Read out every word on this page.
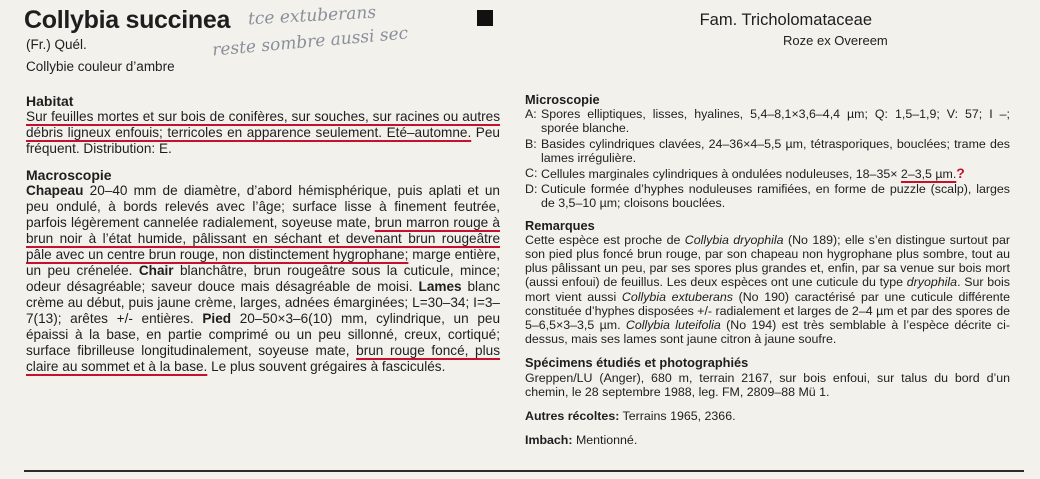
Collybia succinea
(Fr.) Quél.
Collybie couleur d’ambre
Fam. Tricholomataceae
Roze ex Overeem
tce extuberans
reste sombre aussi sec
Habitat

Sur feuilles mortes et sur bois de conifères, sur souches, sur racines ou autres débris ligneux enfouis; terricoles en apparence seulement. Eté–automne. Peu fréquent. Distribution: E.

Macroscopie

Chapeau 20–40 mm de diamètre, d’abord hémisphérique, puis aplati et un peu ondulé, à bords relevés avec l’âge; surface lisse à finement feutrée, parfois légèrement cannelée radialement, soyeuse mate, brun marron rouge à brun noir à l’état humide, pâlissant en séchant et devenant brun rougeâtre pâle avec un centre brun rouge, non distinctement hygrophane; marge entière, un peu crénelée. Chair blanchâtre, brun rougeâtre sous la cuticule, mince; odeur désagréable; saveur douce mais désagréable de moisi. Lames blanc crème au début, puis jaune crème, larges, adnées émarginées; L=30–34; I=3–7(13); arêtes +/- entières. Pied 20–50×3–6(10) mm, cylindrique, un peu épaissi à la base, en partie comprimé ou un peu sillonné, creux, cortiqué; surface fibrilleuse longitudinalement, soyeuse mate, brun rouge foncé, plus claire au sommet et à la base. Le plus souvent grégaires à fasciculés.

Microscopie
A: Spores elliptiques, lisses, hyalines, 5,4–8,1×3,6–4,4 µm; Q: 1,5–1,9; V: 57; I –; sporée blanche.
B: Basides cylindriques clavées, 24–36×4–5,5 µm, tétrasporiques, bouclées; trame des lames irrégulière.
C: Cellules marginales cylindriques à ondulées noduleuses, 18–35× 2–3,5 µm.?
D: Cuticule formée d’hyphes noduleuses ramifiées, en forme de puzzle (scalp), larges de 3,5–10 µm; cloisons bouclées.
Remarques

Cette espèce est proche de Collybia dryophila (No 189); elle s’en distingue surtout par son pied plus foncé brun rouge, par son chapeau non hygrophane plus sombre, tout au plus pâlissant un peu, par ses spores plus grandes et, enfin, par sa venue sur bois mort (aussi enfoui) de feuillus. Les deux espèces ont une cuticule du type dryophila. Sur bois mort vient aussi Collybia extuberans (No 190) caractérisé par une cuticule différente constituée d’hyphes disposées +/- radialement et larges de 2–4 µm et par des spores de 5–6,5×3–3,5 µm. Collybia luteifolia (No 194) est très semblable à l’espèce décrite ci-dessus, mais ses lames sont jaune citron à jaune soufre.

Spécimens étudiés et photographiés

Greppen/LU (Anger), 680 m, terrain 2167, sur bois enfoui, sur talus du bord d’un chemin, le 28 septembre 1988, leg. FM, 2809–88 Mü 1.

Autres récoltes: Terrains 1965, 2366.

Imbach: Mentionné.
